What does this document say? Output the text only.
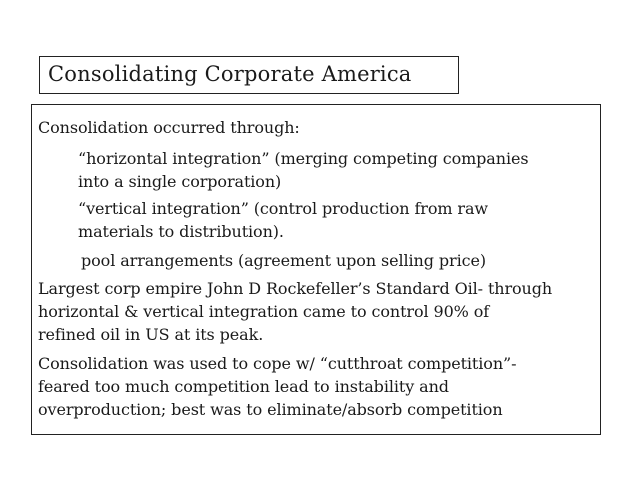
Consolidating Corporate America
Consolidation occurred through:
“horizontal integration” (merging competing companies
into a single corporation)
“vertical integration” (control production from raw
materials to distribution).
pool arrangements (agreement upon selling price)
Largest corp empire John D Rockefeller’s Standard Oil- through
horizontal & vertical integration came to control 90% of
refined oil in US at its peak.
Consolidation was used to cope w/ “cutthroat competition”-
feared too much competition lead to instability and
overproduction; best was to eliminate/absorb competition
